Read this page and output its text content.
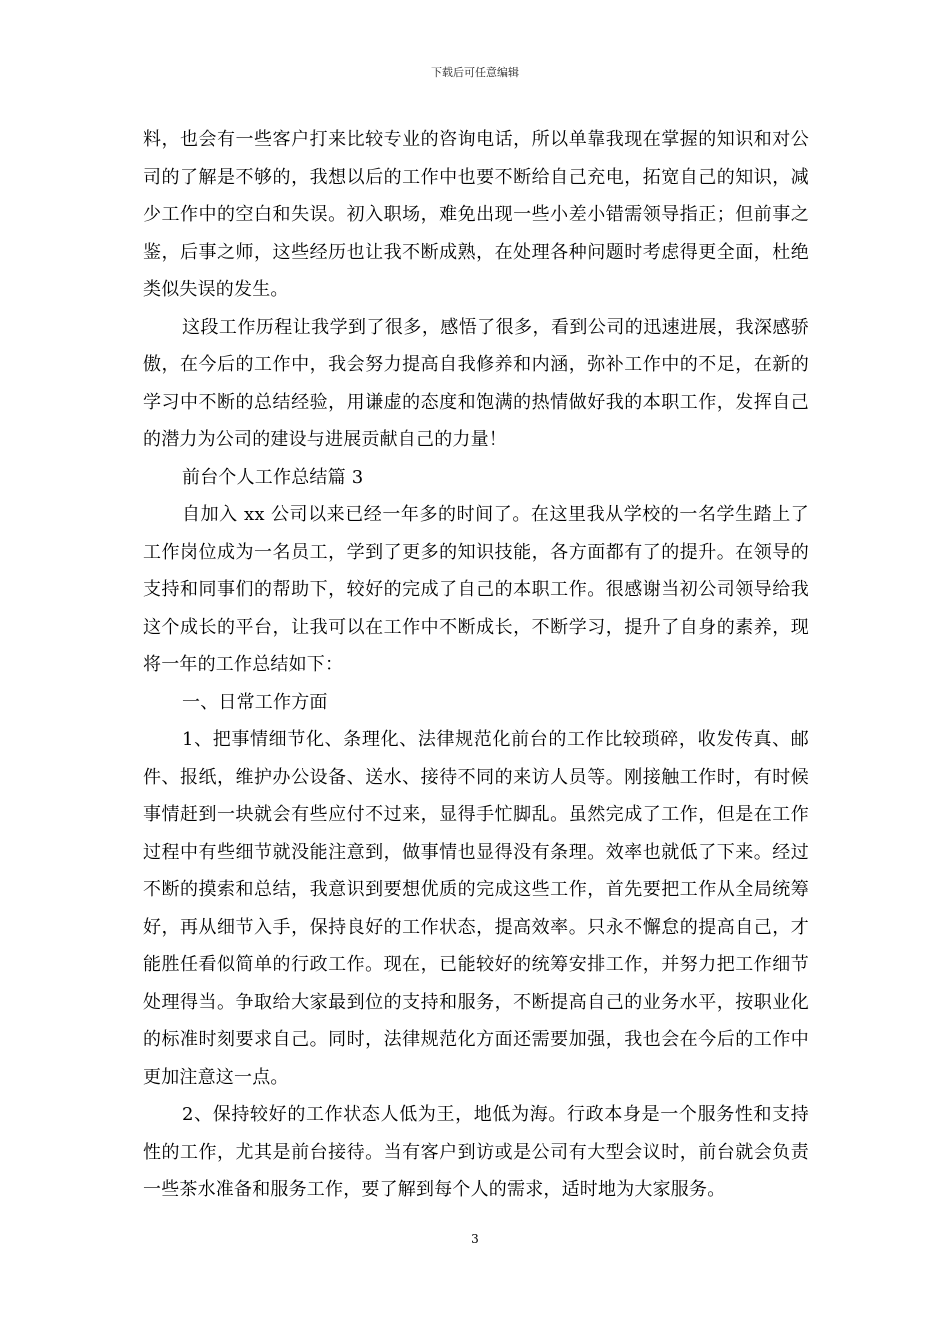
下载后可任意编辑

料，也会有一些客户打来比较专业的咨询电话，所以单靠我现在掌握的知识和对公司的了解是不够的，我想以后的工作中也要不断给自己充电，拓宽自己的知识，减少工作中的空白和失误。初入职场，难免出现一些小差小错需领导指正；但前事之鉴，后事之师，这些经历也让我不断成熟，在处理各种问题时考虑得更全面，杜绝类似失误的发生。

这段工作历程让我学到了很多，感悟了很多，看到公司的迅速进展，我深感骄傲，在今后的工作中，我会努力提高自我修养和内涵，弥补工作中的不足，在新的学习中不断的总结经验，用谦虚的态度和饱满的热情做好我的本职工作，发挥自己的潜力为公司的建设与进展贡献自己的力量！

前台个人工作总结篇 3

自加入 xx 公司以来已经一年多的时间了。在这里我从学校的一名学生踏上了工作岗位成为一名员工，学到了更多的知识技能，各方面都有了的提升。在领导的支持和同事们的帮助下，较好的完成了自己的本职工作。很感谢当初公司领导给我这个成长的平台，让我可以在工作中不断成长，不断学习，提升了自身的素养，现将一年的工作总结如下：

一、日常工作方面

1、把事情细节化、条理化、法律规范化前台的工作比较琐碎，收发传真、邮件、报纸，维护办公设备、送水、接待不同的来访人员等。刚接触工作时，有时候事情赶到一块就会有些应付不过来，显得手忙脚乱。虽然完成了工作，但是在工作过程中有些细节就没能注意到，做事情也显得没有条理。效率也就低了下来。经过不断的摸索和总结，我意识到要想优质的完成这些工作，首先要把工作从全局统筹好，再从细节入手，保持良好的工作状态，提高效率。只永不懈怠的提高自己，才能胜任看似简单的行政工作。现在，已能较好的统筹安排工作，并努力把工作细节处理得当。争取给大家最到位的支持和服务，不断提高自己的业务水平，按职业化的标准时刻要求自己。同时，法律规范化方面还需要加强，我也会在今后的工作中更加注意这一点。

2、保持较好的工作状态人低为王，地低为海。行政本身是一个服务性和支持性的工作，尤其是前台接待。当有客户到访或是公司有大型会议时，前台就会负责一些茶水准备和服务工作，要了解到每个人的需求，适时地为大家服务。

3
